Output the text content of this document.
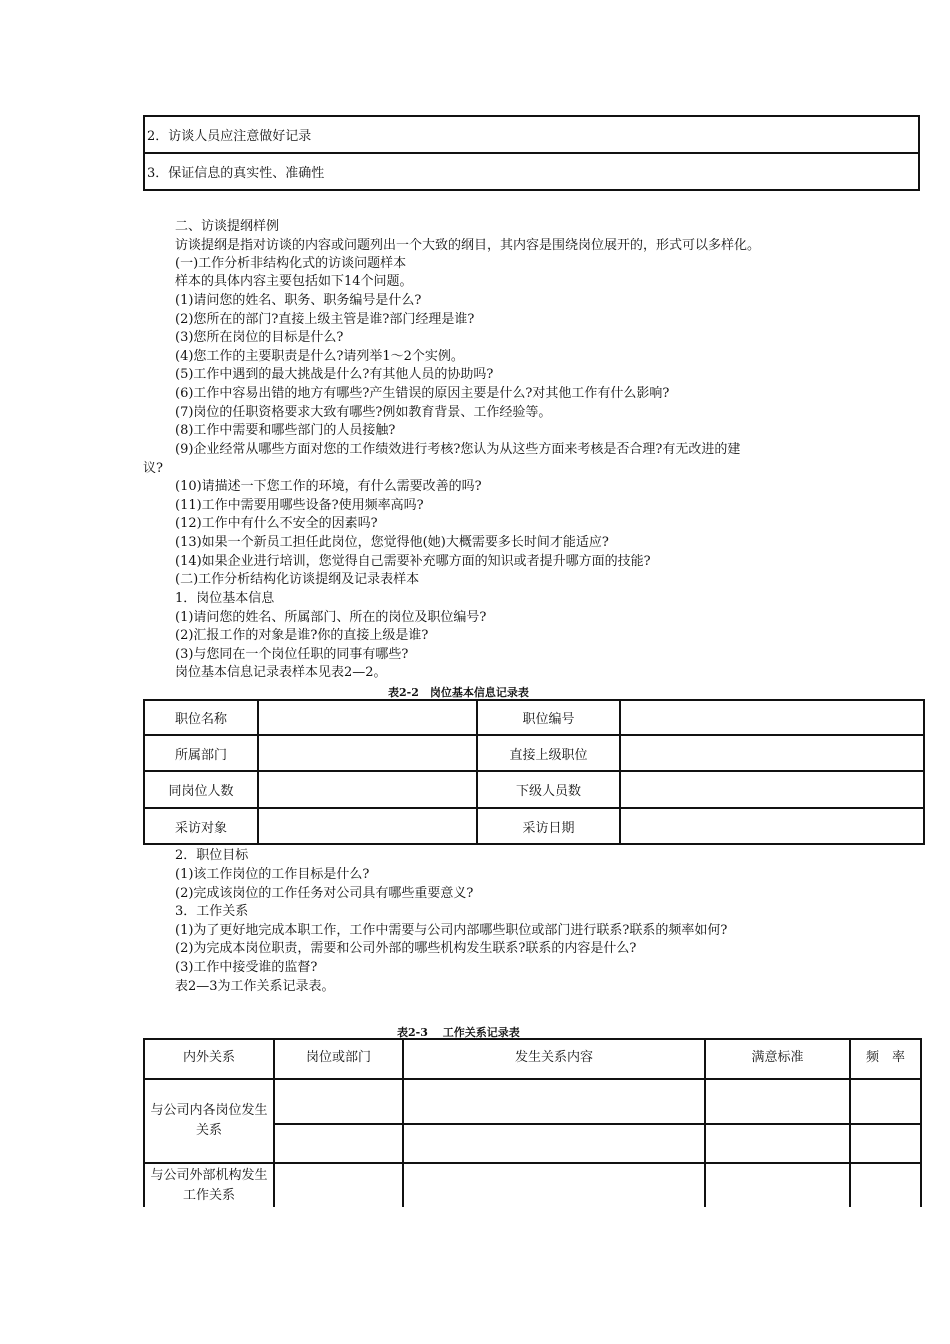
2．访谈人员应注意做好记录
3．保证信息的真实性、准确性
二、访谈提纲样例
访谈提纲是指对访谈的内容或问题列出一个大致的纲目，其内容是围绕岗位展开的，形式可以多样化。
(一)工作分析非结构化式的访谈问题样本
样本的具体内容主要包括如下14个问题。
(1)请问您的姓名、职务、职务编号是什么?
(2)您所在的部门?直接上级主管是谁?部门经理是谁?
(3)您所在岗位的目标是什么?
(4)您工作的主要职责是什么?请列举1～2个实例。
(5)工作中遇到的最大挑战是什么?有其他人员的协助吗?
(6)工作中容易出错的地方有哪些?产生错误的原因主要是什么?对其他工作有什么影响?
(7)岗位的任职资格要求大致有哪些?例如教育背景、工作经验等。
(8)工作中需要和哪些部门的人员接触?
(9)企业经常从哪些方面对您的工作绩效进行考核?您认为从这些方面来考核是否合理?有无改进的建
议?
(10)请描述一下您工作的环境，有什么需要改善的吗?
(11)工作中需要用哪些设备?使用频率高吗?
(12)工作中有什么不安全的因素吗?
(13)如果一个新员工担任此岗位，您觉得他(她)大概需要多长时间才能适应?
(14)如果企业进行培训，您觉得自己需要补充哪方面的知识或者提升哪方面的技能?
(二)工作分析结构化访谈提纲及记录表样本
1．岗位基本信息
(1)请问您的姓名、所属部门、所在的岗位及职位编号?
(2)汇报工作的对象是谁?你的直接上级是谁?
(3)与您同在一个岗位任职的同事有哪些?
岗位基本信息记录表样本见表2—2。
表2-2　岗位基本信息记录表
职位名称		职位编号	
所属部门		直接上级职位	
同岗位人数		下级人员数	
采访对象		采访日期	
2．职位目标
(1)该工作岗位的工作目标是什么?
(2)完成该岗位的工作任务对公司具有哪些重要意义?
3．工作关系
(1)为了更好地完成本职工作，工作中需要与公司内部哪些职位或部门进行联系?联系的频率如何?
(2)为完成本岗位职责，需要和公司外部的哪些机构发生联系?联系的内容是什么?
(3)工作中接受谁的监督?
表2—3为工作关系记录表。
表2-3　 工作关系记录表
内外关系	岗位或部门	发生关系内容	满意标准	频　率
与公司内各岗位发生关系				

与公司外部机构发生工作关系				
